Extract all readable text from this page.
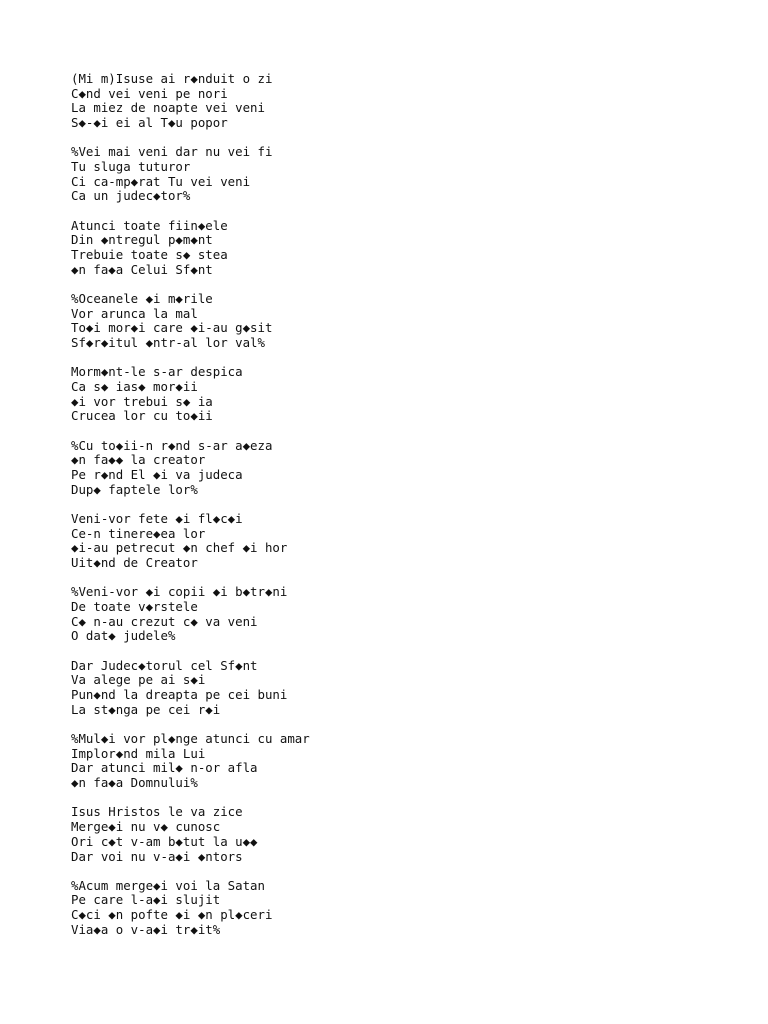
(Mi m)Isuse ai r◆nduit o zi
C◆nd vei veni pe nori
La miez de noapte vei veni
S◆-◆i ei al T◆u popor
%Vei mai veni dar nu vei fi
Tu sluga tuturor
Ci ca-mp◆rat Tu vei veni
Ca un judec◆tor%
Atunci toate fiin◆ele
Din ◆ntregul p◆m◆nt
Trebuie toate s◆ stea
◆n fa◆a Celui Sf◆nt
%Oceanele ◆i m◆rile
Vor arunca la mal
To◆i mor◆i care ◆i-au g◆sit
Sf◆r◆itul ◆ntr-al lor val%
Morm◆nt-le s-ar despica
Ca s◆ ias◆ mor◆ii
◆i vor trebui s◆ ia
Crucea lor cu to◆ii
%Cu to◆ii-n r◆nd s-ar a◆eza
◆n fa◆◆ la creator
Pe r◆nd El ◆i va judeca
Dup◆ faptele lor%
Veni-vor fete ◆i fl◆c◆i
Ce-n tinere◆ea lor
◆i-au petrecut ◆n chef ◆i hor
Uit◆nd de Creator
%Veni-vor ◆i copii ◆i b◆tr◆ni
De toate v◆rstele
C◆ n-au crezut c◆ va veni
O dat◆ judele%
Dar Judec◆torul cel Sf◆nt
Va alege pe ai s◆i
Pun◆nd la dreapta pe cei buni
La st◆nga pe cei r◆i
%Mul◆i vor pl◆nge atunci cu amar
Implor◆nd mila Lui
Dar atunci mil◆ n-or afla
◆n fa◆a Domnului%
Isus Hristos le va zice
Merge◆i nu v◆ cunosc
Ori c◆t v-am b◆tut la u◆◆
Dar voi nu v-a◆i ◆ntors
%Acum merge◆i voi la Satan
Pe care l-a◆i slujit
C◆ci ◆n pofte ◆i ◆n pl◆ceri
Via◆a o v-a◆i tr◆it%
